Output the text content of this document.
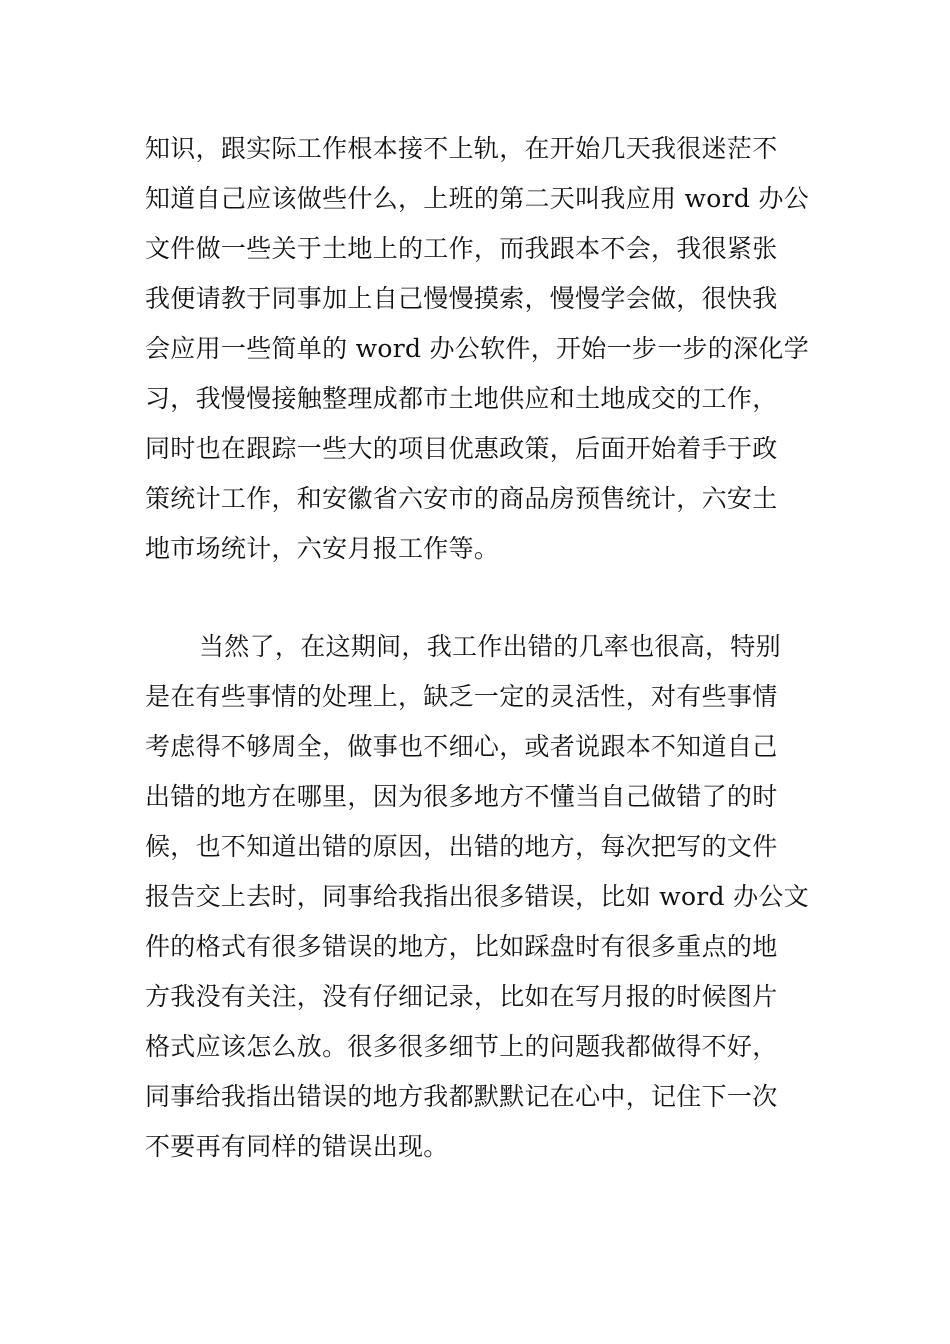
知识，跟实际工作根本接不上轨，在开始几天我很迷茫不
知道自己应该做些什么，上班的第二天叫我应用 word 办公
文件做一些关于土地上的工作，而我跟本不会，我很紧张
我便请教于同事加上自己慢慢摸索，慢慢学会做，很快我
会应用一些简单的 word 办公软件，开始一步一步的深化学
习，我慢慢接触整理成都市土地供应和土地成交的工作，
同时也在跟踪一些大的项目优惠政策，后面开始着手于政
策统计工作，和安徽省六安市的商品房预售统计，六安土
地市场统计，六安月报工作等。
当然了，在这期间，我工作出错的几率也很高，特别
是在有些事情的处理上，缺乏一定的灵活性，对有些事情
考虑得不够周全，做事也不细心，或者说跟本不知道自己
出错的地方在哪里，因为很多地方不懂当自己做错了的时
候，也不知道出错的原因，出错的地方，每次把写的文件
报告交上去时，同事给我指出很多错误，比如 word 办公文
件的格式有很多错误的地方，比如踩盘时有很多重点的地
方我没有关注，没有仔细记录，比如在写月报的时候图片
格式应该怎么放。很多很多细节上的问题我都做得不好，
同事给我指出错误的地方我都默默记在心中，记住下一次
不要再有同样的错误出现。
